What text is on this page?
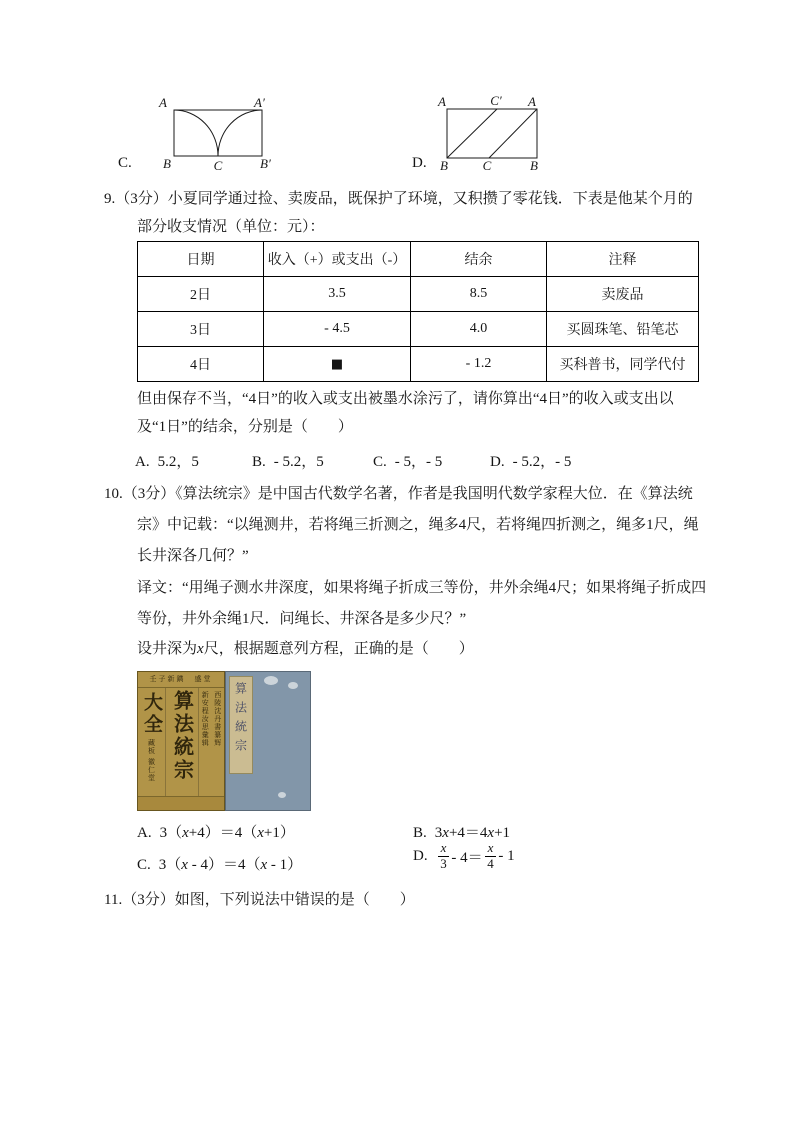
A	A′
B	C	B′
C.
A	C′ A
B	C	B
D.
9.（3分）小夏同学通过捡、卖废品，既保护了环境，又积攒了零花钱．下表是他某个月的
部分收支情况（单位：元）：
日期	收入（+）或支出（-）	结余	注释
2日	3.5	8.5	卖废品
3日	- 4.5	4.0	买圆珠笔、铅笔芯
4日	■	- 1.2	买科普书，同学代付
但由保存不当，“4日”的收入或支出被墨水涂污了，请你算出“4日”的收入或支出以
及“1日”的结余，分别是（　　）
A. 5.2，5	B. - 5.2，5	C. - 5，- 5	D. - 5.2，- 5
10.（3分）《算法统宗》是中国古代数学名著，作者是我国明代数学家程大位．在《算法统
宗》中记载：“以绳测井，若将绳三折测之，绳多4尺，若将绳四折测之，绳多1尺，绳
长井深各几何？”
译文：“用绳子测水井深度，如果将绳子折成三等份，井外余绳4尺；如果将绳子折成四
等份，井外余绳1尺．问绳长、井深各是多少尺？”
设井深为x尺，根据题意列方程，正确的是（　　）
壬子新鐫　盛堂
大全
藏板
徽仁堂 算法統宗	新安程汝思彙辑 西陵沈丹書纂辉 算法統宗
A. 3（x+4）＝4（x+1）	B. 3x+4＝4x+1
C. 3（x - 4）＝4（x - 1）
D. $\frac{x}{3} - 4= \frac{x}{4} - 1$
11.（3分）如图，下列说法中错误的是（　　）
